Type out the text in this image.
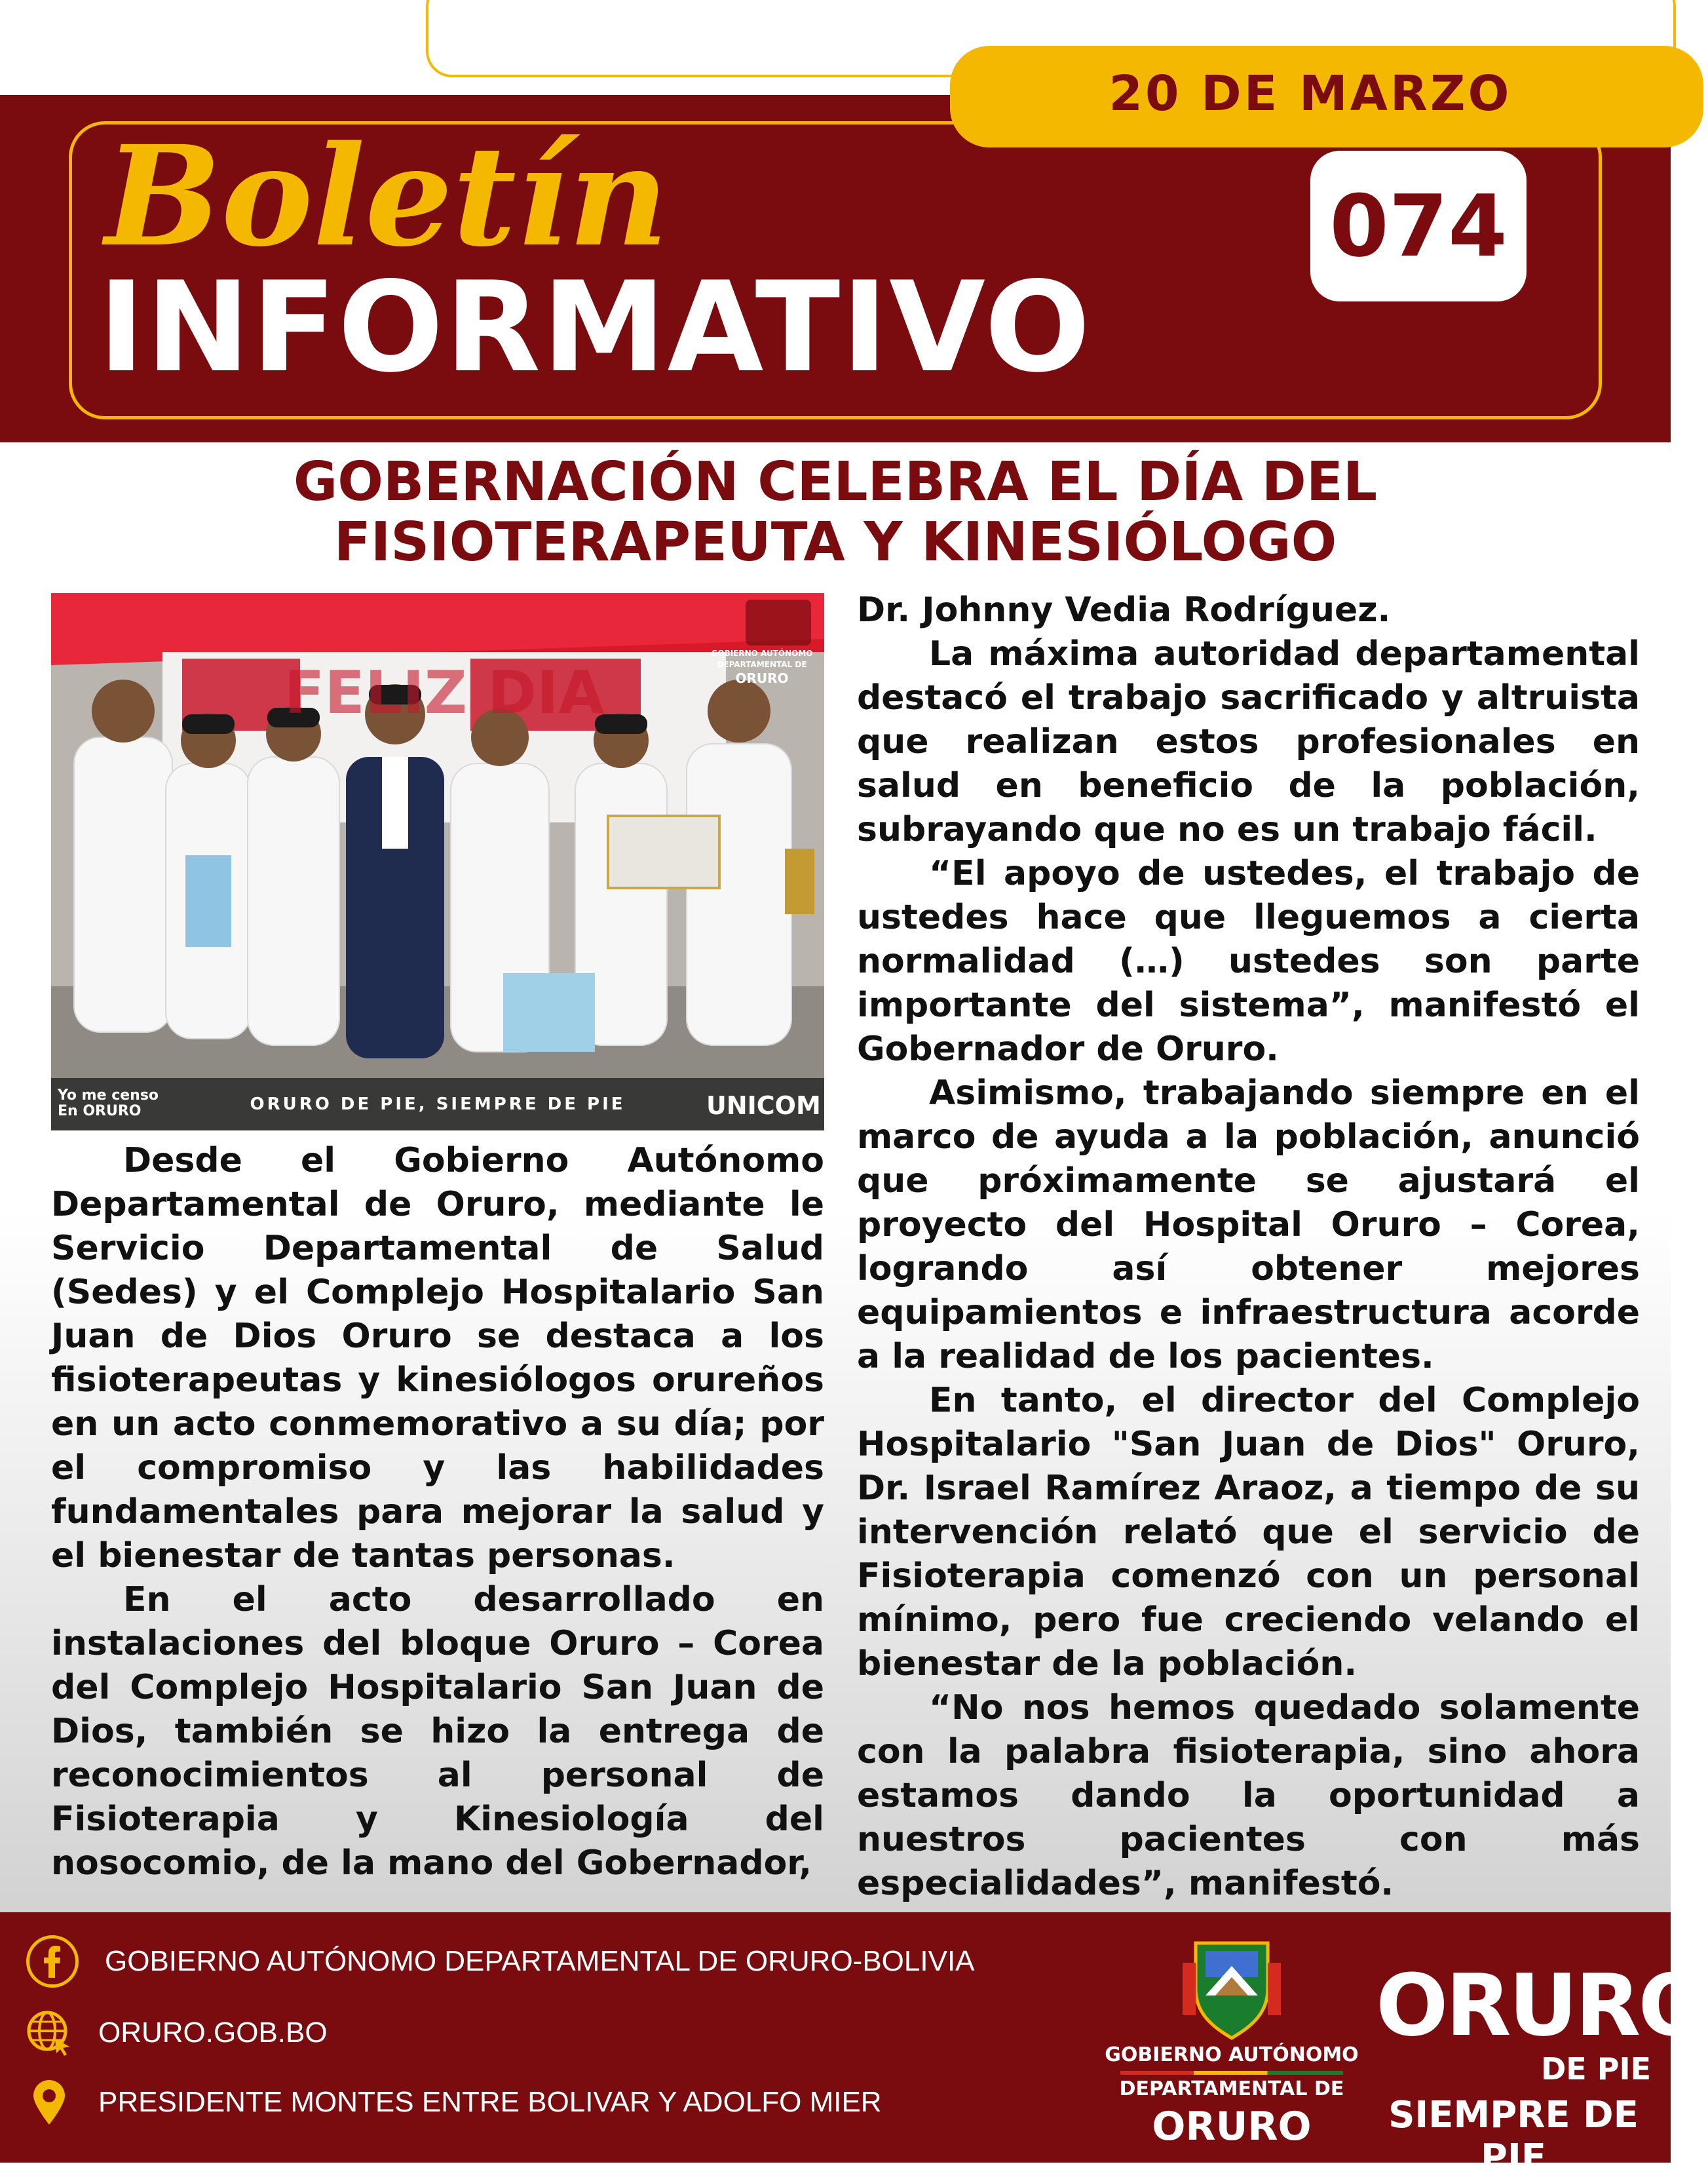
20 DE MARZO
Boletín
INFORMATIVO
074
GOBERNACIÓN CELEBRA EL DÍA DEL
FISIOTERAPEUTA Y KINESIÓLOGO
GOBIERNO AUTÓNOMO
DEPARTAMENTAL DE
ORURO
FELIZ DIA
ORURO DE PIE, SIEMPRE DE PIE
Yo me censo En ORURO	UNICOM

Desde el Gobierno Autónomo Departamental de Oruro, mediante le Servicio Departamental de Salud (Sedes) y el Complejo Hospitalario San Juan de Dios Oruro se destaca a los fisioterapeutas y kinesiólogos orureños en un acto conmemorativo a su día; por el compromiso y las habilidades fundamentales para mejorar la salud y el bienestar de tantas personas.

En el acto desarrollado en instalaciones del bloque Oruro – Corea del Complejo Hospitalario San Juan de Dios, también se hizo la entrega de reconocimientos al personal de Fisioterapia y Kinesiología del nosocomio, de la mano del Gobernador,

Dr. Johnny Vedia Rodríguez.

La máxima autoridad departamental destacó el trabajo sacrificado y altruista que realizan estos profesionales en salud en beneficio de la población, subrayando que no es un trabajo fácil.

“El apoyo de ustedes, el trabajo de ustedes hace que lleguemos a cierta normalidad (…) ustedes son parte importante del sistema”, manifestó el Gobernador de Oruro.

Asimismo, trabajando siempre en el marco de ayuda a la población, anunció que próximamente se ajustará el proyecto del Hospital Oruro – Corea, logrando así obtener mejores equipamientos e infraestructura acorde a la realidad de los pacientes.

En tanto, el director del Complejo Hospitalario "San Juan de Dios" Oruro, Dr. Israel Ramírez Araoz, a tiempo de su intervención relató que el servicio de Fisioterapia comenzó con un personal mínimo, pero fue creciendo velando el bienestar de la población.

“No nos hemos quedado solamente con la palabra fisioterapia, sino ahora estamos dando la oportunidad a nuestros pacientes con más especialidades”, manifestó.

GOBIERNO AUTÓNOMO DEPARTAMENTAL DE ORURO-BOLIVIA
ORURO.GOB.BO
PRESIDENTE MONTES ENTRE BOLIVAR Y ADOLFO MIER
GOBIERNO AUTÓNOMO
DEPARTAMENTAL DE
ORURO
ORURO
DE PIE
SIEMPRE DE PIE
